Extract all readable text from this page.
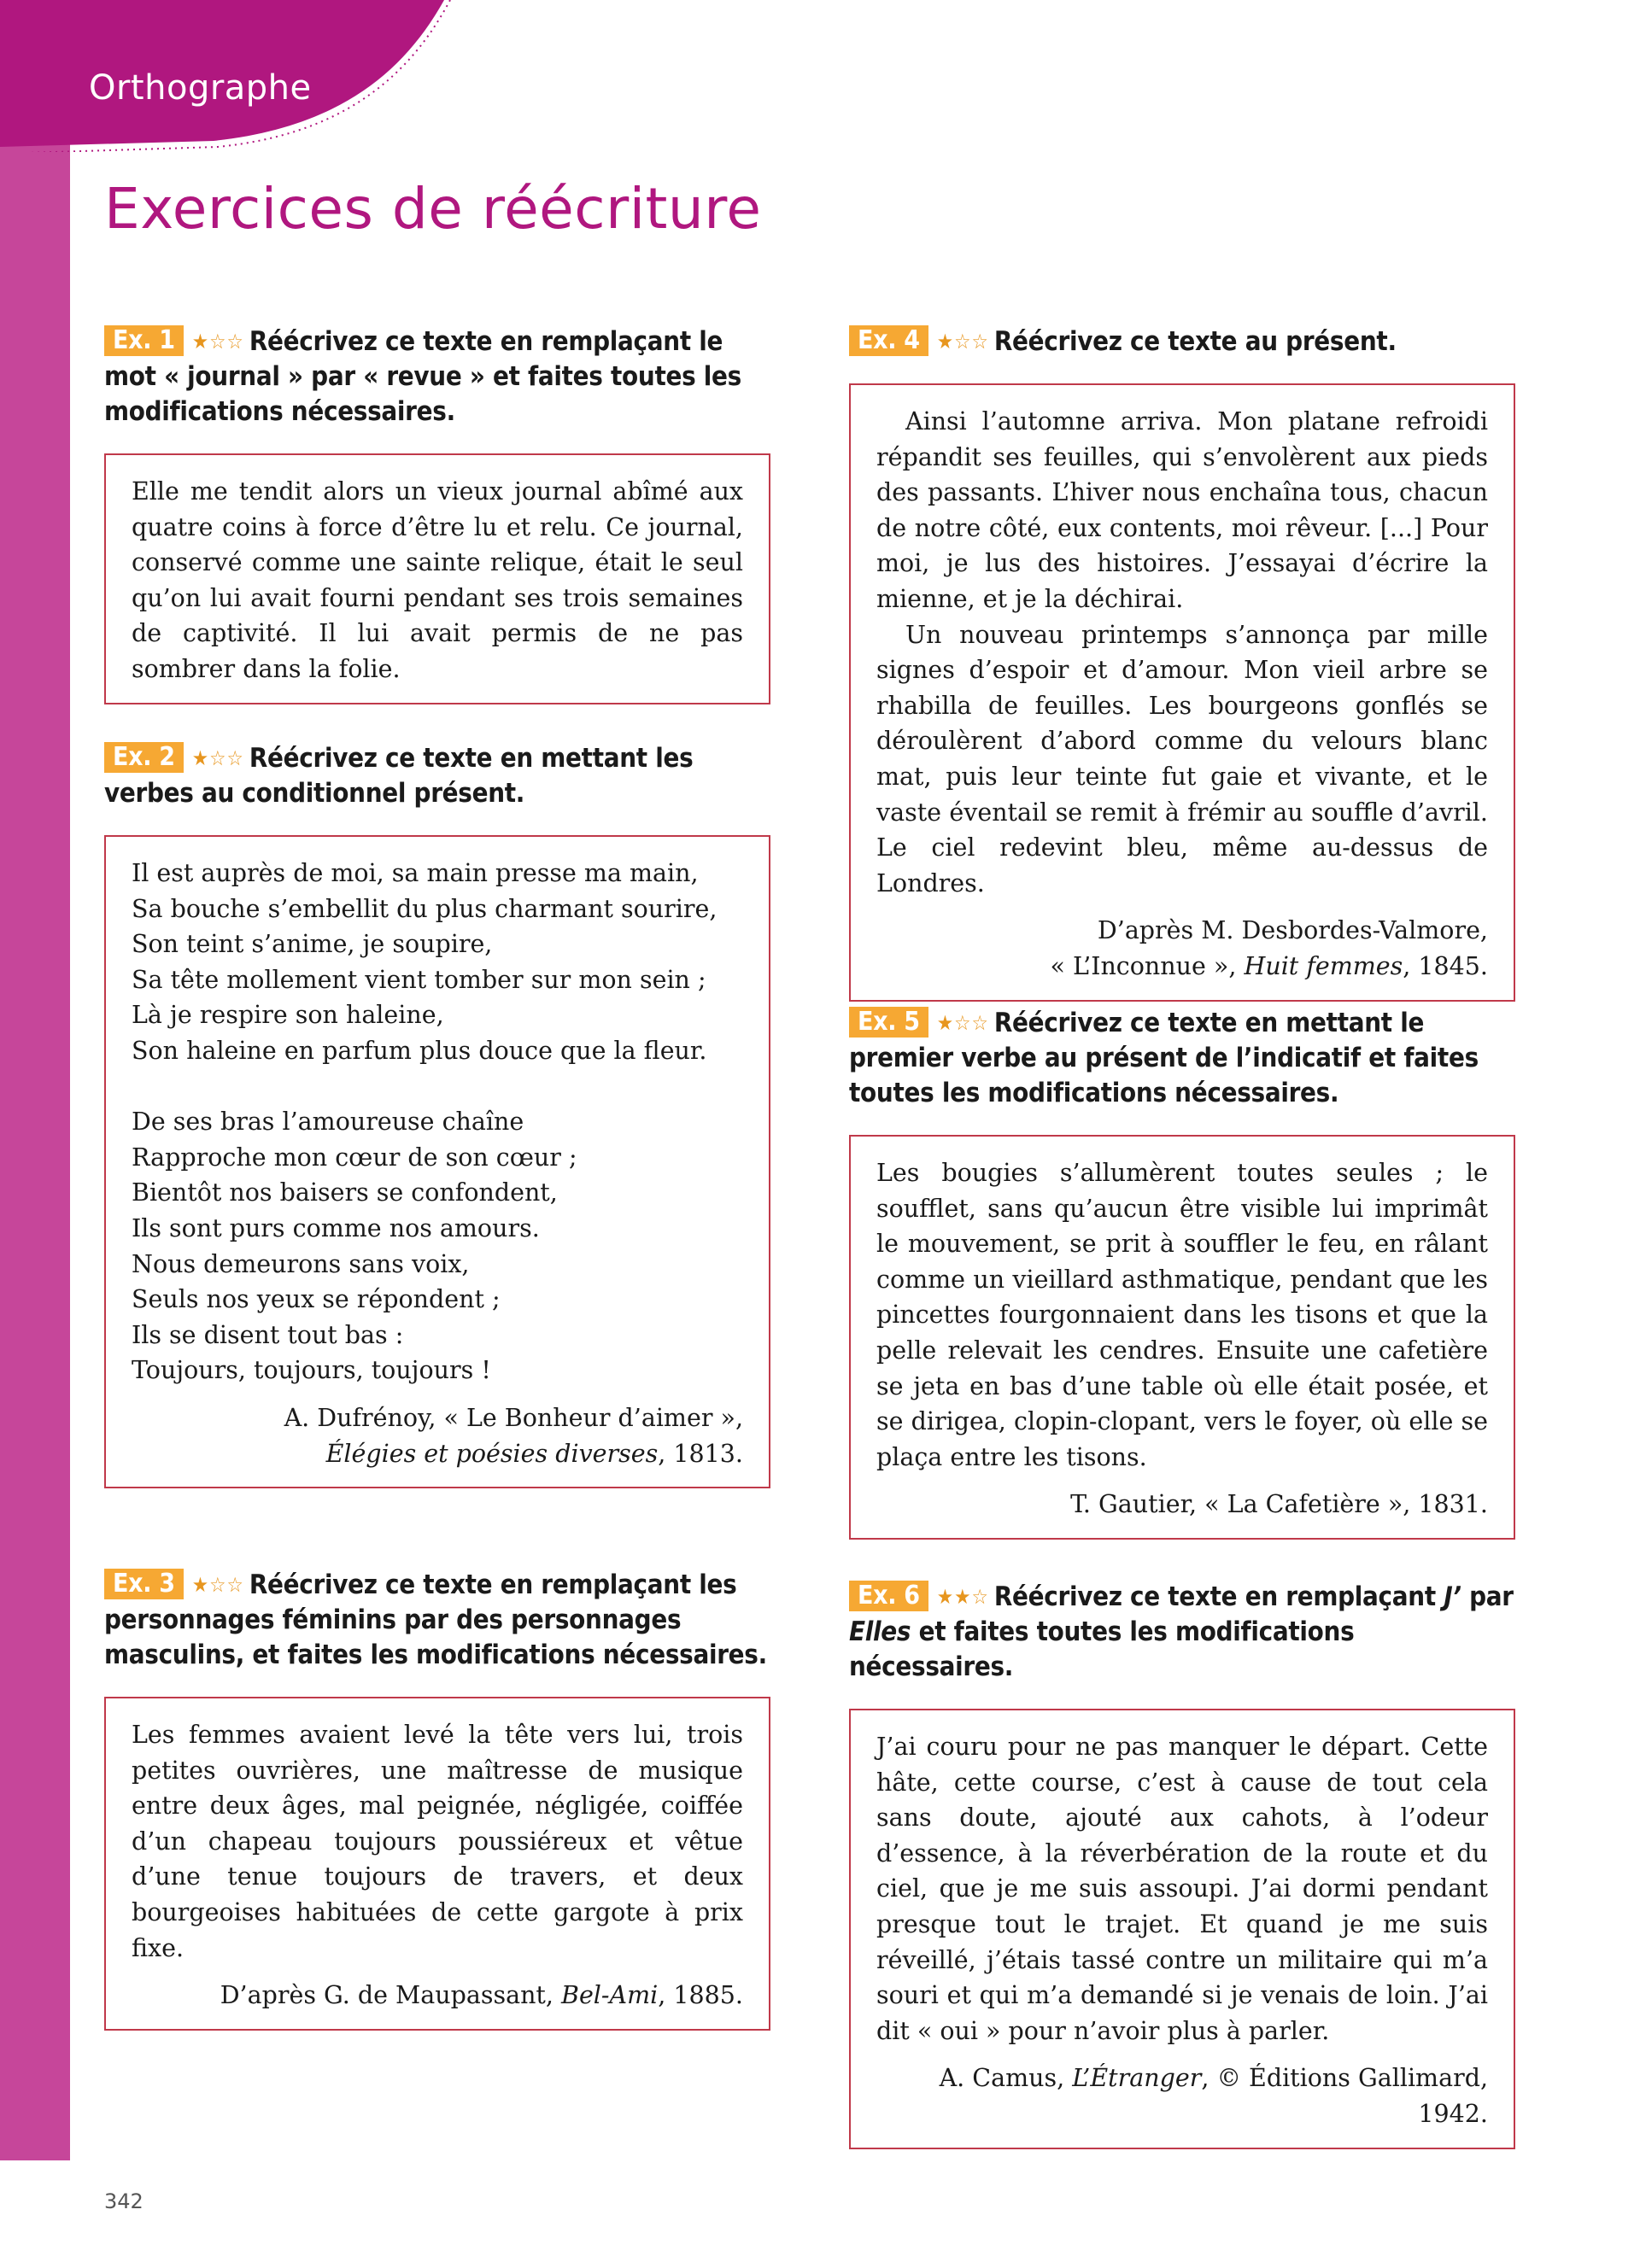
Orthographe
Exercices de réécriture
Ex. 1 ★☆☆ Réécrivez ce texte en remplaçant le mot « journal » par « revue » et faites toutes les modifications nécessaires.

Elle me tendit alors un vieux journal abîmé aux quatre coins à force d’être lu et relu. Ce journal, conservé comme une sainte relique, était le seul qu’on lui avait fourni pendant ses trois semaines de captivité. Il lui avait permis de ne pas sombrer dans la folie.

Ex. 2 ★☆☆ Réécrivez ce texte en mettant les verbes au conditionnel présent.
Il est auprès de moi, sa main presse ma main,
Sa bouche s’embellit du plus charmant sourire,
Son teint s’anime, je soupire,
Sa tête mollement vient tomber sur mon sein ;
Là je respire son haleine,
Son haleine en parfum plus douce que la fleur.
De ses bras l’amoureuse chaîne
Rapproche mon cœur de son cœur ;
Bientôt nos baisers se confondent,
Ils sont purs comme nos amours.
Nous demeurons sans voix,
Seuls nos yeux se répondent ;
Ils se disent tout bas :
Toujours, toujours, toujours !
A. Dufrénoy, « Le Bonheur d’aimer »,
Élégies et poésies diverses, 1813.
Ex. 3 ★☆☆ Réécrivez ce texte en remplaçant les personnages féminins par des personnages masculins, et faites les modifications nécessaires.

Les femmes avaient levé la tête vers lui, trois petites ouvrières, une maîtresse de musique entre deux âges, mal peignée, négligée, coiffée d’un chapeau toujours poussiéreux et vêtue d’une tenue toujours de travers, et deux bourgeoises habituées de cette gargote à prix fixe.

D’après G. de Maupassant, Bel-Ami, 1885.
Ex. 4 ★☆☆ Réécrivez ce texte au présent.

Ainsi l’automne arriva. Mon platane refroidi répandit ses feuilles, qui s’envolèrent aux pieds des passants. L’hiver nous enchaîna tous, chacun de notre côté, eux contents, moi rêveur. [...] Pour moi, je lus des histoires. J’essayai d’écrire la mienne, et je la déchirai.

Un nouveau printemps s’annonça par mille signes d’espoir et d’amour. Mon vieil arbre se rhabilla de feuilles. Les bourgeons gonflés se déroulèrent d’abord comme du velours blanc mat, puis leur teinte fut gaie et vivante, et le vaste éventail se remit à frémir au souffle d’avril. Le ciel redevint bleu, même au-dessus de Londres.

D’après M. Desbordes-Valmore,
« L’Inconnue », Huit femmes, 1845.
Ex. 5 ★☆☆ Réécrivez ce texte en mettant le premier verbe au présent de l’indicatif et faites toutes les modifications nécessaires.

Les bougies s’allumèrent toutes seules ; le soufflet, sans qu’aucun être visible lui imprimât le mouvement, se prit à souffler le feu, en râlant comme un vieillard asthmatique, pendant que les pincettes fourgonnaient dans les tisons et que la pelle relevait les cendres. Ensuite une cafetière se jeta en bas d’une table où elle était posée, et se dirigea, clopin-clopant, vers le foyer, où elle se plaça entre les tisons.

T. Gautier, « La Cafetière », 1831.
Ex. 6 ★★☆ Réécrivez ce texte en remplaçant J’ par Elles et faites toutes les modifications nécessaires.

J’ai couru pour ne pas manquer le départ. Cette hâte, cette course, c’est à cause de tout cela sans doute, ajouté aux cahots, à l’odeur d’essence, à la réverbération de la route et du ciel, que je me suis assoupi. J’ai dormi pendant presque tout le trajet. Et quand je me suis réveillé, j’étais tassé contre un militaire qui m’a souri et qui m’a demandé si je venais de loin. J’ai dit « oui » pour n’avoir plus à parler.

A. Camus, L’Étranger, © Éditions Gallimard, 1942.
342
